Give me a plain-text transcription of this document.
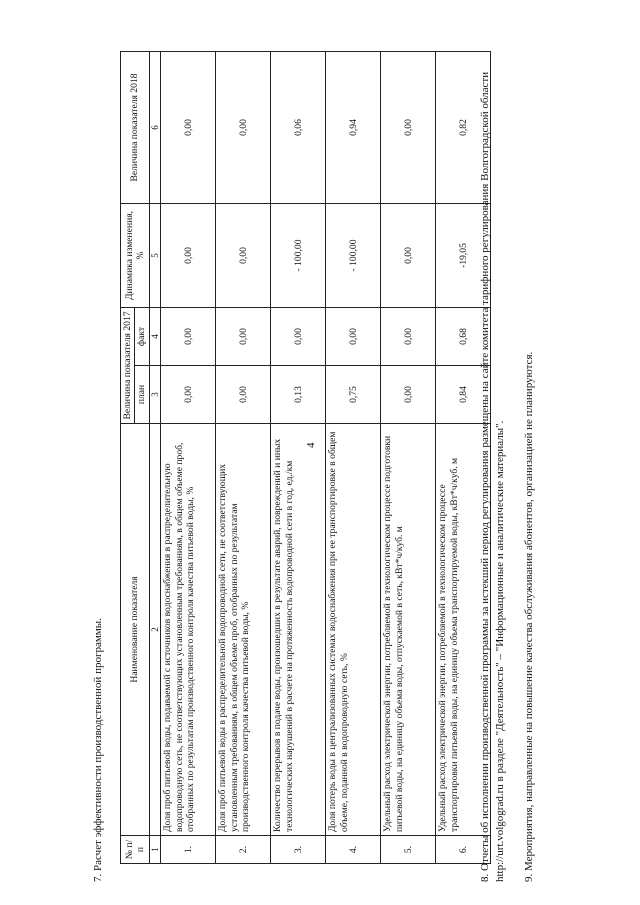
4
7. Расчет эффективности производственной программы. № п/п	Наименование показателя	Величина показателя 2017		Динамика изменения, %	Величина показателя 2018
		план	факт		
1	2	3	4	5	6
1.	Доля проб питьевой воды, подаваемой с источников водоснабжения в распределительную водопроводную сеть, не соответствующих установленным требованиям, в общем объеме проб, отобранных по результатам производственного контроля качества питьевой воды, %	0,00	0,00	0,00	0,00
2.	Доля проб питьевой воды в распределительной водопроводной сети, не соответствующих установленным требованиям, в общем объеме проб, отобранных по результатам производственного контроля качества питьевой воды, %	0,00	0,00	0,00	0,00
3.	Количество перерывов в подаче воды, произошедших в результате аварий, повреждений и иных технологических нарушений в расчете на протяженность водопроводной сети в год, ед./км	0,13	0,00	- 100,00	0,06
4.	Доля потерь воды в централизованных системах водоснабжения при ее транспортировке в общем объеме, поданной в водопроводную сеть, %	0,75	0,00	- 100,00	0,94
5.	Удельный расход электрической энергии, потребляемой в технологическом процессе подготовки питьевой воды, на единицу объема воды, отпускаемой в сеть, кВт*ч/куб. м	0,00	0,00	0,00	0,00
6.	Удельный расход электрической энергии, потребляемой в технологическом процессе транспортировки питьевой воды, на единицу объема транспортируемой воды, кВт*ч/куб. м	0,84	0,68	-19,05	0,82 8. Отчеты об исполнении производственной программы за истекший период регулирования размещены на сайте комитета тарифного регулирования Волгоградской области http://urt.volgograd.ru в разделе "Деятельность" – "Информационные и аналитические материалы". 9. Мероприятия, направленные на повышение качества обслуживания абонентов, организацией не планируются.
